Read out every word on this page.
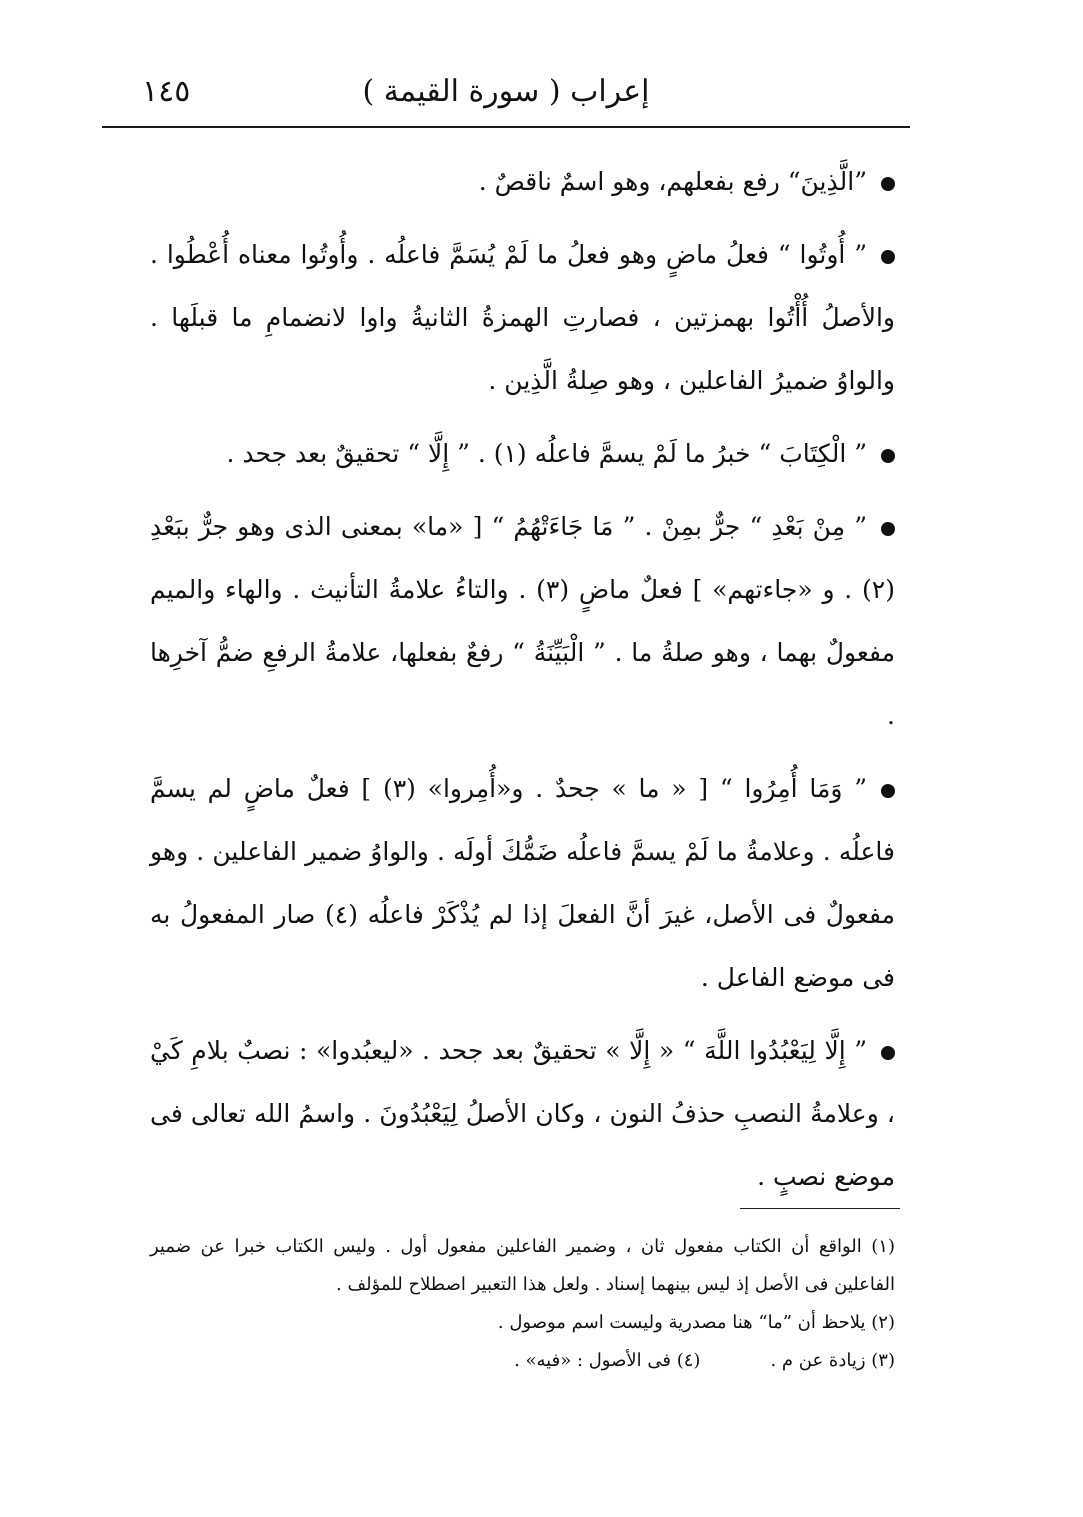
إعراب ( سورة القيمة )
١٤٥

”الَّذِينَ“ رفع بفعلهم، وهو اسمٌ ناقصٌ .

” أُوتُوا “ فعلُ ماضٍ وهو فعلُ ما لَمْ يُسَمَّ فاعلُه . وأُوتُوا معناه أُعْطُوا . والأصلُ أُأْتُوا بهمزتين ، فصارتِ الهمزةُ الثانيةُ واوا لانضمامِ ما قبلَها . والواوُ ضميرُ الفاعلين ، وهو صِلةُ الَّذِين .

” الْكِتَابَ “ خبرُ ما لَمْ يسمَّ فاعلُه (١) . ” إِلَّا “ تحقيقٌ بعد جحد .

” مِنْ بَعْدِ “ جرٌّ بمِنْ . ” مَا جَاءَتْهُمُ “ [ «ما» بمعنى الذى وهو جرٌّ ببَعْدِ (٢) . و «جاءتهم» ] فعلٌ ماضٍ (٣) . والتاءُ علامةُ التأنيث . والهاء والميم مفعولٌ بهما ، وهو صلةُ ما . ” الْبَيِّنَةُ “ رفعٌ بفعلها، علامةُ الرفعِ ضمُّ آخرِها .

” وَمَا أُمِرُوا “ [ « ما » جحدٌ . و«أُمِروا» (٣) ] فعلٌ ماضٍ لم يسمَّ فاعلُه . وعلامةُ ما لَمْ يسمَّ فاعلُه ضَمُّكَ أولَه . والواوُ ضمير الفاعلين . وهو مفعولٌ فى الأصل، غيرَ أنَّ الفعلَ إذا لم يُذْكَرْ فاعلُه (٤) صار المفعولُ به فى موضع الفاعل .

” إِلَّا لِيَعْبُدُوا اللَّهَ “ « إِلَّا » تحقيقٌ بعد جحد . «ليعبُدوا» : نصبٌ بلامِ كَيْ ، وعلامةُ النصبِ حذفُ النون ، وكان الأصلُ لِيَعْبُدُونَ . واسمُ الله تعالى فى موضع نصبٍ .

(١) الواقع أن الكتاب مفعول ثان ، وضمير الفاعلين مفعول أول . وليس الكتاب خبرا عن ضمير الفاعلين فى الأصل إذ ليس بينهما إسناد . ولعل هذا التعبير اصطلاح للمؤلف .

(٢) يلاحظ أن ”ما“ هنا مصدرية وليست اسم موصول .

(٣) زيادة عن م .

(٤) فى الأصول : «فيه» .
